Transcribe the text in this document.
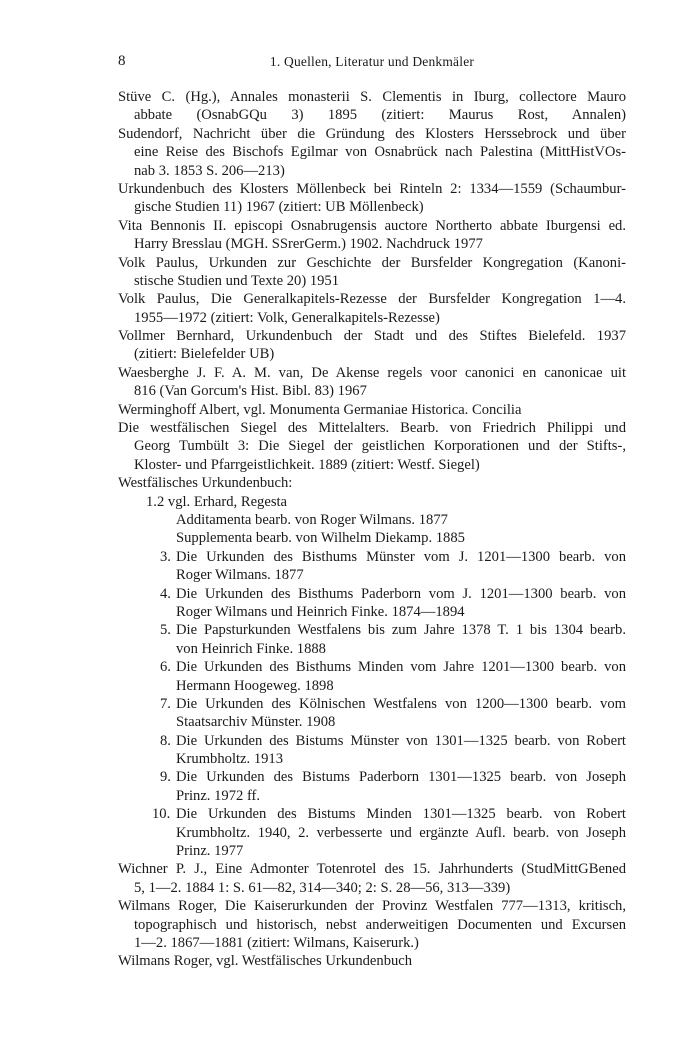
8	1. Quellen, Literatur und Denkmäler
Stüve C. (Hg.), Annales monasterii S. Clementis in Iburg, collectore Mauro
abbate (OsnabGQu 3) 1895 (zitiert: Maurus Rost, Annalen)
Sudendorf, Nachricht über die Gründung des Klosters Herssebrock und über
eine Reise des Bischofs Egilmar von Osnabrück nach Palestina (MittHistVOs-
nab 3. 1853 S. 206—213)
Urkundenbuch des Klosters Möllenbeck bei Rinteln 2: 1334—1559 (Schaumbur-
gische Studien 11) 1967 (zitiert: UB Möllenbeck)
Vita Bennonis II. episcopi Osnabrugensis auctore Northerto abbate Iburgensi ed.
Harry Bresslau (MGH. SSrerGerm.) 1902. Nachdruck 1977
Volk Paulus, Urkunden zur Geschichte der Bursfelder Kongregation (Kanoni-
stische Studien und Texte 20) 1951
Volk Paulus, Die Generalkapitels-Rezesse der Bursfelder Kongregation 1—4.
1955—1972 (zitiert: Volk, Generalkapitels-Rezesse)
Vollmer Bernhard, Urkundenbuch der Stadt und des Stiftes Bielefeld. 1937
(zitiert: Bielefelder UB)
Waesberghe J. F. A. M. van, De Akense regels voor canonici en canonicae uit
816 (Van Gorcum's Hist. Bibl. 83) 1967
Werminghoff Albert, vgl. Monumenta Germaniae Historica. Concilia
Die westfälischen Siegel des Mittelalters. Bearb. von Friedrich Philippi und
Georg Tumbült 3: Die Siegel der geistlichen Korporationen und der Stifts-,
Kloster- und Pfarrgeistlichkeit. 1889 (zitiert: Westf. Siegel)
Westfälisches Urkundenbuch:
1.2 vgl. Erhard, Regesta
Additamenta bearb. von Roger Wilmans. 1877
Supplementa bearb. von Wilhelm Diekamp. 1885
3. Die Urkunden des Bisthums Münster vom J. 1201—1300 bearb. von
Roger Wilmans. 1877
4. Die Urkunden des Bisthums Paderborn vom J. 1201—1300 bearb. von
Roger Wilmans und Heinrich Finke. 1874—1894
5. Die Papsturkunden Westfalens bis zum Jahre 1378 T. 1 bis 1304 bearb.
von Heinrich Finke. 1888
6. Die Urkunden des Bisthums Minden vom Jahre 1201—1300 bearb. von
Hermann Hoogeweg. 1898
7. Die Urkunden des Kölnischen Westfalens von 1200—1300 bearb. vom
Staatsarchiv Münster. 1908
8. Die Urkunden des Bistums Münster von 1301—1325 bearb. von Robert
Krumbholtz. 1913
9. Die Urkunden des Bistums Paderborn 1301—1325 bearb. von Joseph
Prinz. 1972 ff.
10. Die Urkunden des Bistums Minden 1301—1325 bearb. von Robert
Krumbholtz. 1940, 2. verbesserte und ergänzte Aufl. bearb. von Joseph
Prinz. 1977
Wichner P. J., Eine Admonter Totenrotel des 15. Jahrhunderts (StudMittGBened
5, 1—2. 1884 1: S. 61—82, 314—340; 2: S. 28—56, 313—339)
Wilmans Roger, Die Kaiserurkunden der Provinz Westfalen 777—1313, kritisch,
topographisch und historisch, nebst anderweitigen Documenten und Excursen
1—2. 1867—1881 (zitiert: Wilmans, Kaiserurk.)
Wilmans Roger, vgl. Westfälisches Urkundenbuch
